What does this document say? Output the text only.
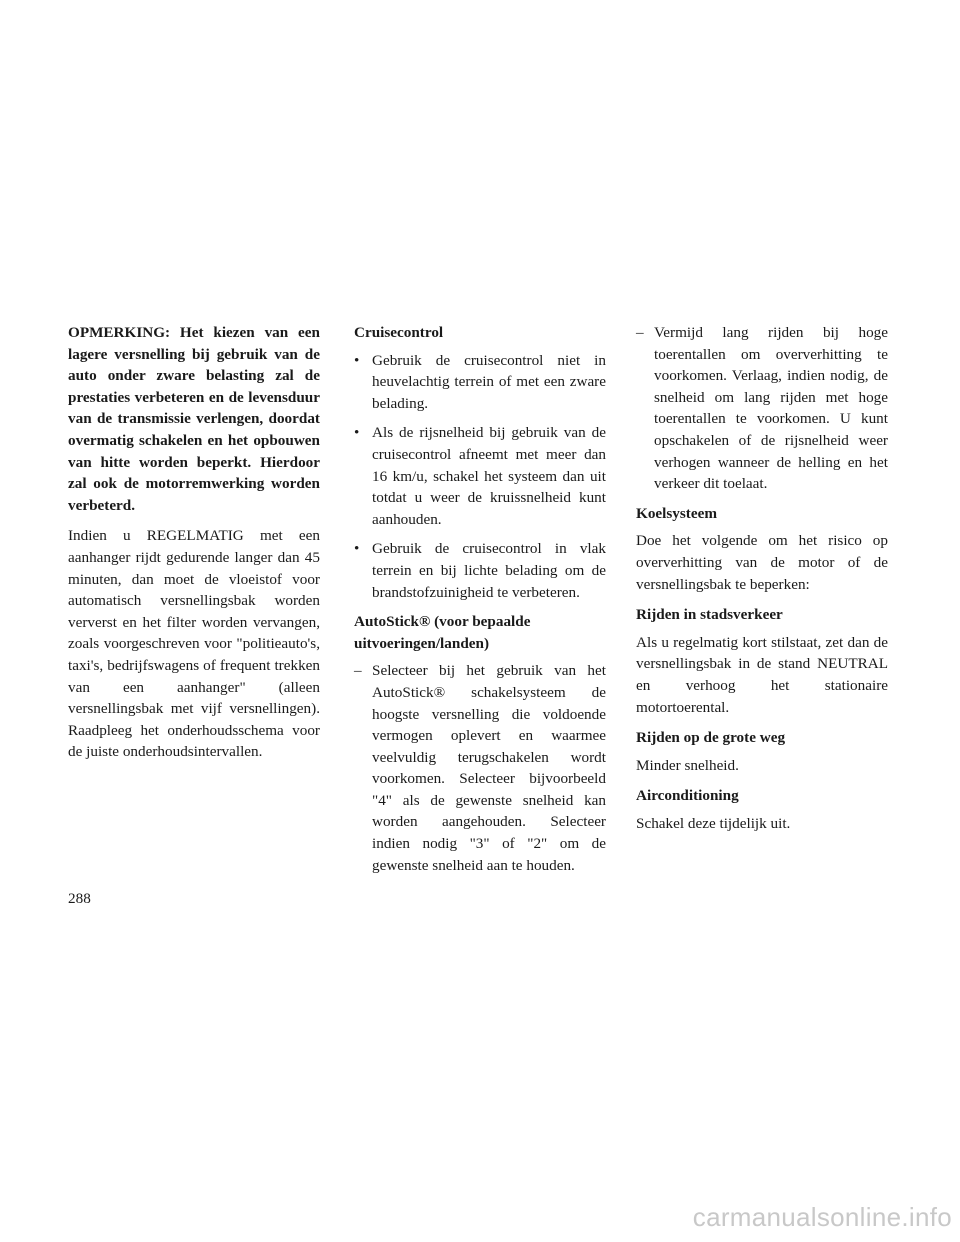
OPMERKING: Het kiezen van een lagere versnelling bij gebruik van de auto onder zware belasting zal de prestaties verbeteren en de levensduur van de transmissie verlengen, doordat overmatig schakelen en het opbouwen van hitte worden beperkt. Hierdoor zal ook de motorremwerking worden verbeterd.

Indien u REGELMATIG met een aanhanger rijdt gedurende langer dan 45 minuten, dan moet de vloeistof voor automatisch versnellingsbak worden ververst en het filter worden vervangen, zoals voorgeschreven voor "politieauto's, taxi's, bedrijfswagens of frequent trekken van een aanhanger" (alleen versnellingsbak met vijf versnellingen). Raadpleeg het onderhoudsschema voor de juiste onderhoudsintervallen.

Cruisecontrol

• Gebruik de cruisecontrol niet in heuvelachtig terrein of met een zware belading.
• Als de rijsnelheid bij gebruik van de cruisecontrol afneemt met meer dan 16 km/u, schakel het systeem dan uit totdat u weer de kruissnelheid kunt aanhouden.
• Gebruik de cruisecontrol in vlak terrein en bij lichte belading om de brandstofzuinigheid te verbeteren.

AutoStick® (voor bepaalde uitvoeringen/landen)

– Selecteer bij het gebruik van het AutoStick® schakelsysteem de hoogste versnelling die voldoende vermogen oplevert en waarmee veelvuldig terugschakelen wordt voorkomen. Selecteer bijvoorbeeld "4" als de gewenste snelheid kan worden aangehouden. Selecteer indien nodig "3" of "2" om de gewenste snelheid aan te houden.
– Vermijd lang rijden bij hoge toerentallen om oververhitting te voorkomen. Verlaag, indien nodig, de snelheid om lang rijden met hoge toerentallen te voorkomen. U kunt opschakelen of de rijsnelheid weer verhogen wanneer de helling en het verkeer dit toelaat.

Koelsysteem

Doe het volgende om het risico op oververhitting van de motor of de versnellingsbak te beperken:

Rijden in stadsverkeer

Als u regelmatig kort stilstaat, zet dan de versnellingsbak in de stand NEUTRAL en verhoog het stationaire motortoerental.

Rijden op de grote weg

Minder snelheid.

Airconditioning

Schakel deze tijdelijk uit.

288
carmanualsonline.info
